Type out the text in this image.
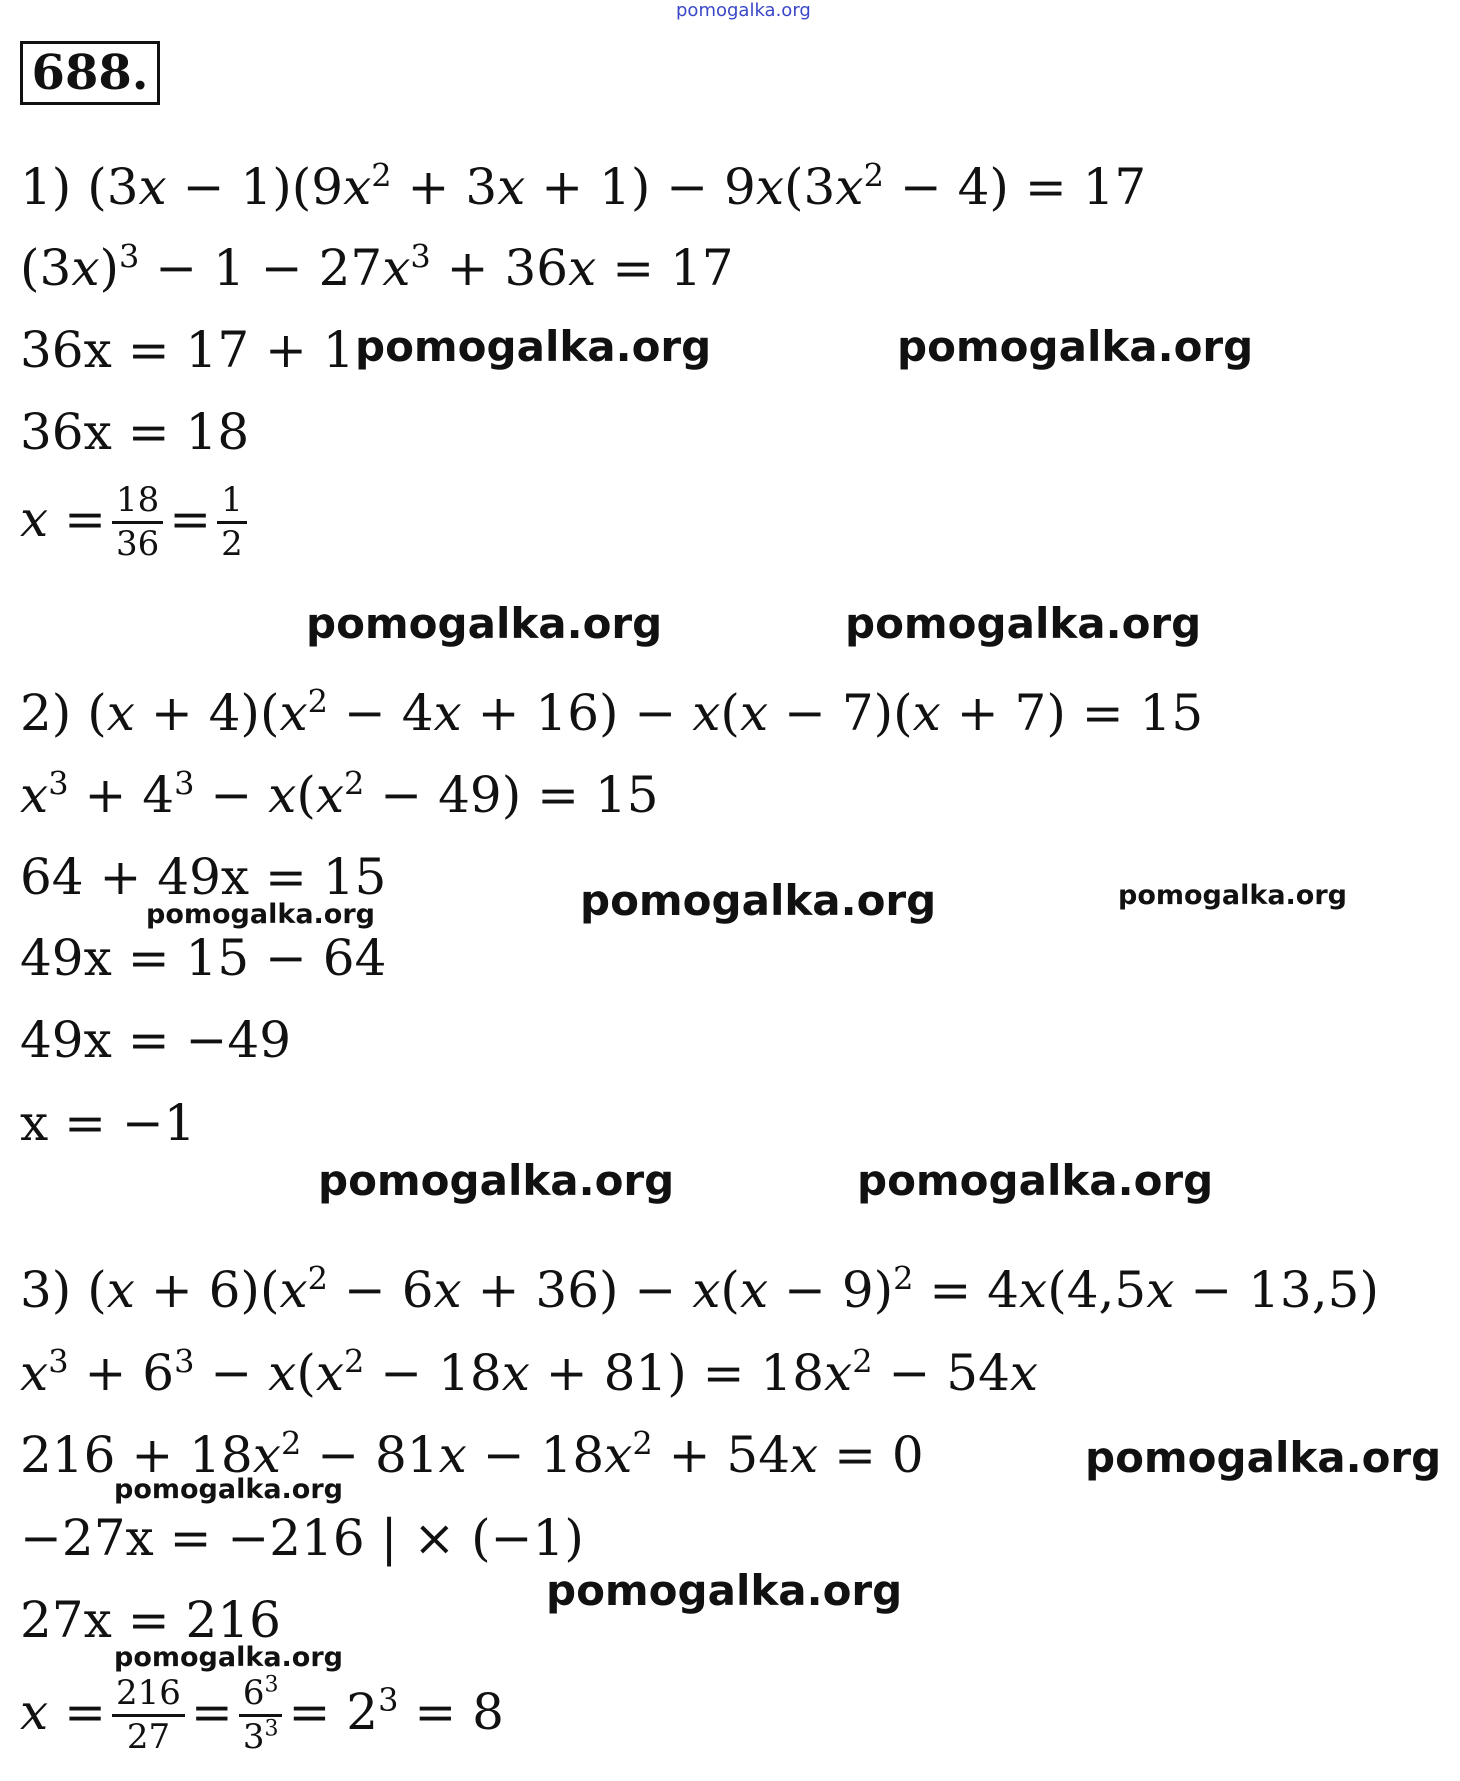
pomogalka.org
688.
1) $(3x - 1)(9x^2 + 3x + 1) - 9x(3x^2 - 4) = 17$
$(3x)^3 - 1 - 27x^3 + 36x = 17$
36x = 17 + 1
36x = 18
$x = \frac{18}{36} = \frac{1}{2}$
2) $(x + 4)(x^2 - 4x + 16) - x(x - 7)(x + 7) = 15$
$x^3 + 4^3 - x(x^2 - 49) = 15$
64 + 49x = 15
49x = 15 − 64
49x = −49
x = −1
3) $(x + 6)(x^2 - 6x + 36) - x(x - 9)^2 = 4x(4,5x - 13,5)$
$x^3 + 6^3 - x(x^2 - 18x + 81) = 18x^2 - 54x$
$216 + 18x^2 - 81x - 18x^2 + 54x = 0$
−27x = −216 | × (−1)
27x = 216
$x = \frac{216}{27} = \frac{6^3}{3^3} = 2^3 = 8$
pomogalka.org	pomogalka.org
pomogalka.org	pomogalka.org
pomogalka.org	pomogalka.org
pomogalka.org
pomogalka.org	pomogalka.org
pomogalka.org
pomogalka.org
pomogalka.org
pomogalka.org
